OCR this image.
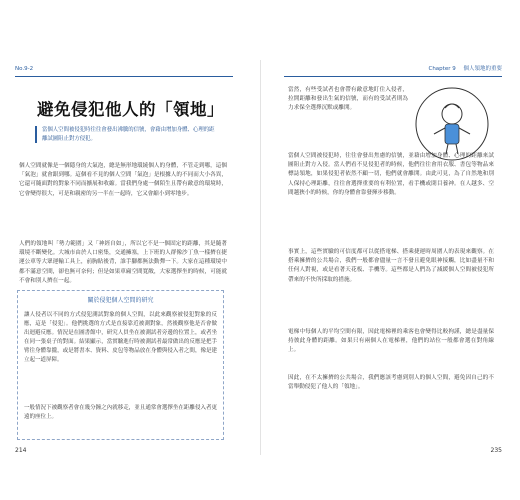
No.9-2
避免侵犯他人的「領地」
當個人空間被侵犯時往往會發出沸騰的信號，會藉由增加身體、心理的距離試圖阻止對方侵犯。
個人空間就像是一個隱身的大氣泡，總是無形地環繞個人的身體，不管走到哪，這個「氣泡」就會跟到哪。這個看不見的個人空間「氣泡」是根據人的不同而大小各異，它還可隨面對的對象不同而擴展和收縮。當我們身處一個陌生且帶有敵意的環境時，它會變得很大，可是和親密的另一半在一起時，它又會縮小到零地步。
人們的領地叫「勢力範圍」又「神經自如」，所以它不是一個固定的距離，其是隨著環境不斷變化。大城市由於人口密集，交通擁塞，上下班的人群像沙丁魚一樣擠在捷運公車等大眾運輸工具上，前胸貼後背，誰手腳都無法動彈一下。大家在這種環境中都不滿意空間，卻也無可奈何；但是如果車廂空間寬敞，大家選擇坐的時候，可能就不會和別人擠在一起。
關於侵犯個人空間的研究
讓人侵者以不同的方式侵犯測試對象的個人空間，以此來觀察被侵犯對象的反應，這是「侵犯」。他們挑選的方式是直接靠近被測對象，然後觀察他是否會做出迴避反應。情況是在圖書館中，研究人員坐在被測試者旁邊的位置上，或者坐在同一張桌子的對面。結果顯示，當實驗進行時被測試者最常做出的反應是把手臂往身體靠攏，或是將書本、資料、皮包等物品放在身體與侵入者之間，像是建立起一道屏障。
一般情況下被觀察者會在幾分鐘之內就移走，並且通常會選擇坐在距離侵入者更遠的座位上。
214
Chapter 9 個人領地的重要
當然，有些受試者也會帶有敵意地盯住入侵者，拉開距離和發出生氣的信號，而有的受試者則為力求保全選擇沉默或離開。
當個人空間被侵犯時，往往會發出焦慮的信號，並藉由增加身體、心理的距離來試圖阻止對方入侵。當人們看不見侵犯者的時候，他們往往會用衣服、書包等物品來標誌領地，如果侵犯者依然不顧一切，他們就會離開。由此可見，為了自然地和別人保持心理距離，往往會選擇重要的有利位置，看手機或閉目養神。在人越多、空間越狹小的時候，你的身體會靠發揮步移動。
事實上，這些實驗的可信度都可以從搭電梯、搭乘捷運時周圍人的表現來觀察。在搭乘擁擠的公共場合，我們一般都會儘量一言不發且避免眼神接觸，比如盡量不和任何人對視，或是看著天花板、手機等。這些都是人們為了減緩個人空間被侵犯所帶來的不快所採取的措施。
電梯中每個人的平均空間有限，因此電梯裡的乘客也會變得比較拘謹，總是盡量保持彼此身體的距離。如果只有兩個人在電梯裡，他們的站位一般都會選在對角線上。
因此，在不太擁擠的公共場合，我們應該考慮到別人的個人空間，避免因自己的不當舉動侵犯了他人的「領地」。
235
